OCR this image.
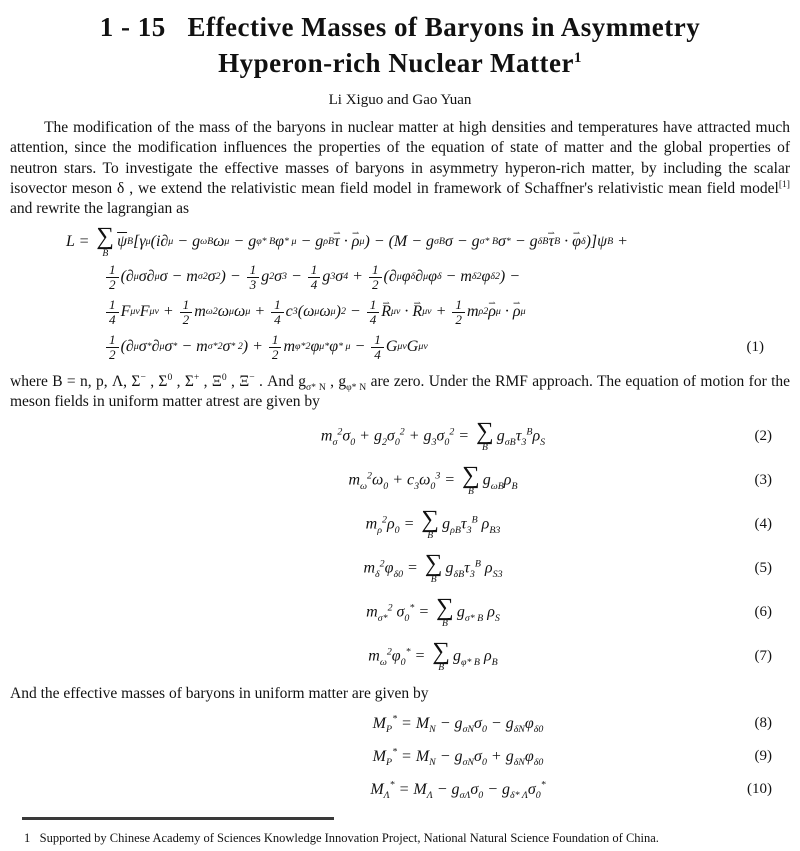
1 - 15   Effective Masses of Baryons in Asymmetry
Hyperon-rich Nuclear Matter$^1$
Li Xiguo and Gao Yuan

The modification of the mass of the baryons in nuclear matter at high densities and temperatures have attracted much attention, since the modification influences the properties of the equation of state of matter and the global properties of neutron stars. To investigate the effective masses of baryons in asymmetry hyperon-rich matter, by including the scalar isovector meson δ , we extend the relativistic mean field model in framework of Schaffner's relativistic mean field model[1] and rewrite the lagrangian as

L = ∑
B
$\overline{\psi}$ B [γ μ (i∂ μ − g ωB ω μ − g φ* B φ * μ − g ρB τ ⇀ · ρ ⇀ μ ) − (M − g σB σ − g σ* B σ * − g δB τ ⇀ B · φ ⇀ δ )]ψ B +
$\frac{1}{2}$ (∂ μ σ∂ μ σ − m σ 2 σ 2 ) − $\frac{1}{3}$ g 2 σ $3 - \frac{1}{4}$ g 3 σ $4 + \frac{1}{2}$ (∂ μ φ δ ∂ μ φ δ − m δ 2 φ δ 2 ) −
$\frac{1}{4}$ F μν F $\mu\nu + \frac{1}{2}$ m ω 2 ω μ ω $\mu + \frac{1}{4}$ c 3 (ω μ ω μ ) $2 - \frac{1}{4}$ R ⇀ μν · R ⇀ $\mu\nu + \frac{1}{2}$ m ρ 2 ρ ⇀ μ · ρ ⇀ μ
$\frac{1}{2}$ (∂ μ σ * ∂ μ σ * − m σ* 2 σ * 2 ) + $\frac{1}{2}$ m φ* 2 φ $\mu * \varphi * \mu - \frac{1}{4}$ G μν G μν	(1)

where B = n, p, Λ, Σ− , $\Sigma^0$ , Σ+ , $\Xi^0$ , Ξ− . And $g_{\sigma* N}$ , $g_{\varphi* N}$ are zero. Under the RMF approach. The equation of motion for the meson fields in uniform matter atrest are given by

$m_\sigma^2\sigma_0 + g_2\sigma_0^2 + g_3\sigma_0^2$ = ∑
B
$g_{\sigma B}\tau_3^B\rho_S$	(2)
$m_\omega^2\omega_0 + c_3\omega_0^3$ = ∑
B
$g_{\omega B}\rho_B$	(3)
$m_\rho^2\rho_0$ = ∑
B
$g_{\rho B}\tau_3^B$ $\rho_{B3}$	(4)
$m_\delta^2\varphi_{\delta 0}$ = ∑
B
$g_{\delta B}\tau_3^B$ $\rho_{S3}$	(5)
$m_{\sigma*}^2$ $\sigma_0^*$ = ∑
B
$g_{\sigma* B}$ $\rho_S$	(6)
$m_\omega^2\varphi_0^*$ = ∑
B
$g_{\varphi* B}$ $\rho_B$	(7)

And the effective masses of baryons in uniform matter are given by

$M_P^* = M_N - g_{\sigma N}\sigma_0 - g_{\delta N}\varphi_{\delta 0}$	(8)
$M_P^* = M_N - g_{\sigma N}\sigma_0 + g_{\delta N}\varphi_{\delta 0}$	(9)
$M_\Lambda^* = M_\Lambda - g_{\sigma\Lambda}\sigma_0 - g_{\delta* \Lambda}\sigma_0^*$	(10)

1   Supported by Chinese Academy of Sciences Knowledge Innovation Project, National Natural Science Foundation of China.
